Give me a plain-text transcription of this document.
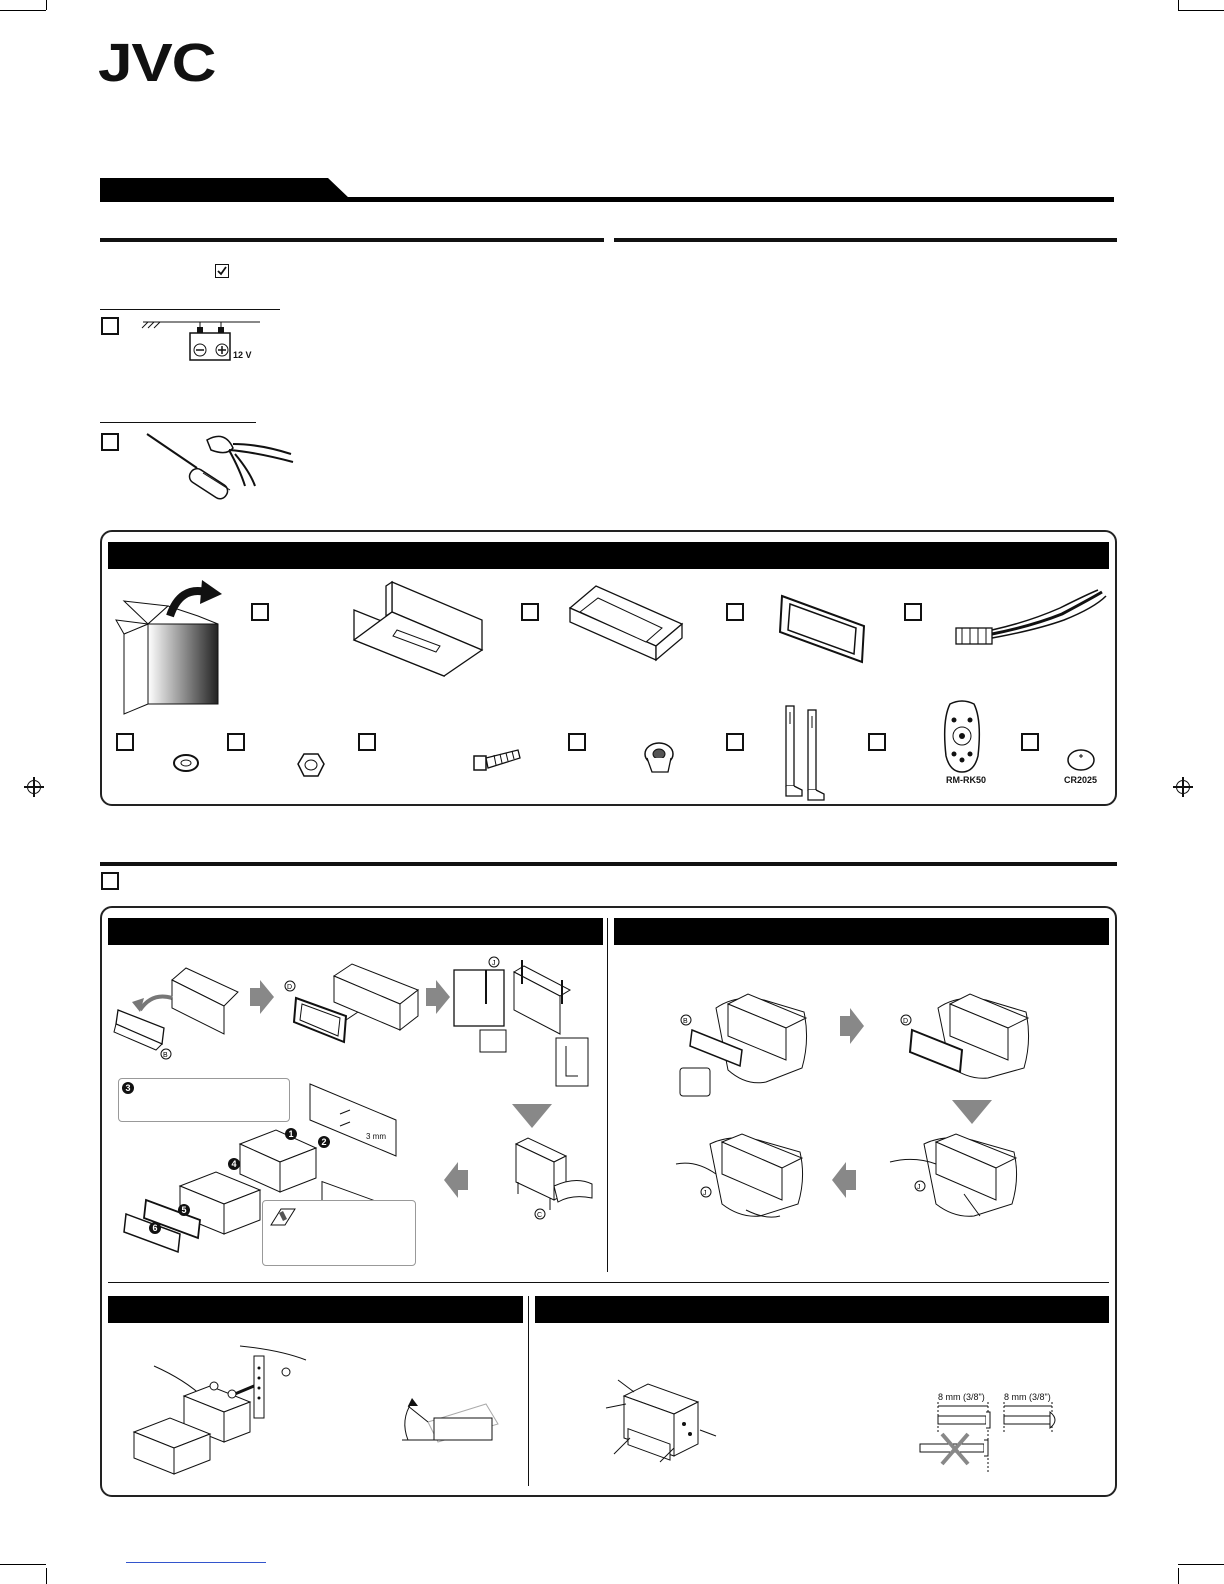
JVC
12 V
RM-RK50	CR2025
B
D
J
3
1
2
4
5
6
3 mm
C
B	D
J
J
8 mm (3/8") 8 mm (3/8")
